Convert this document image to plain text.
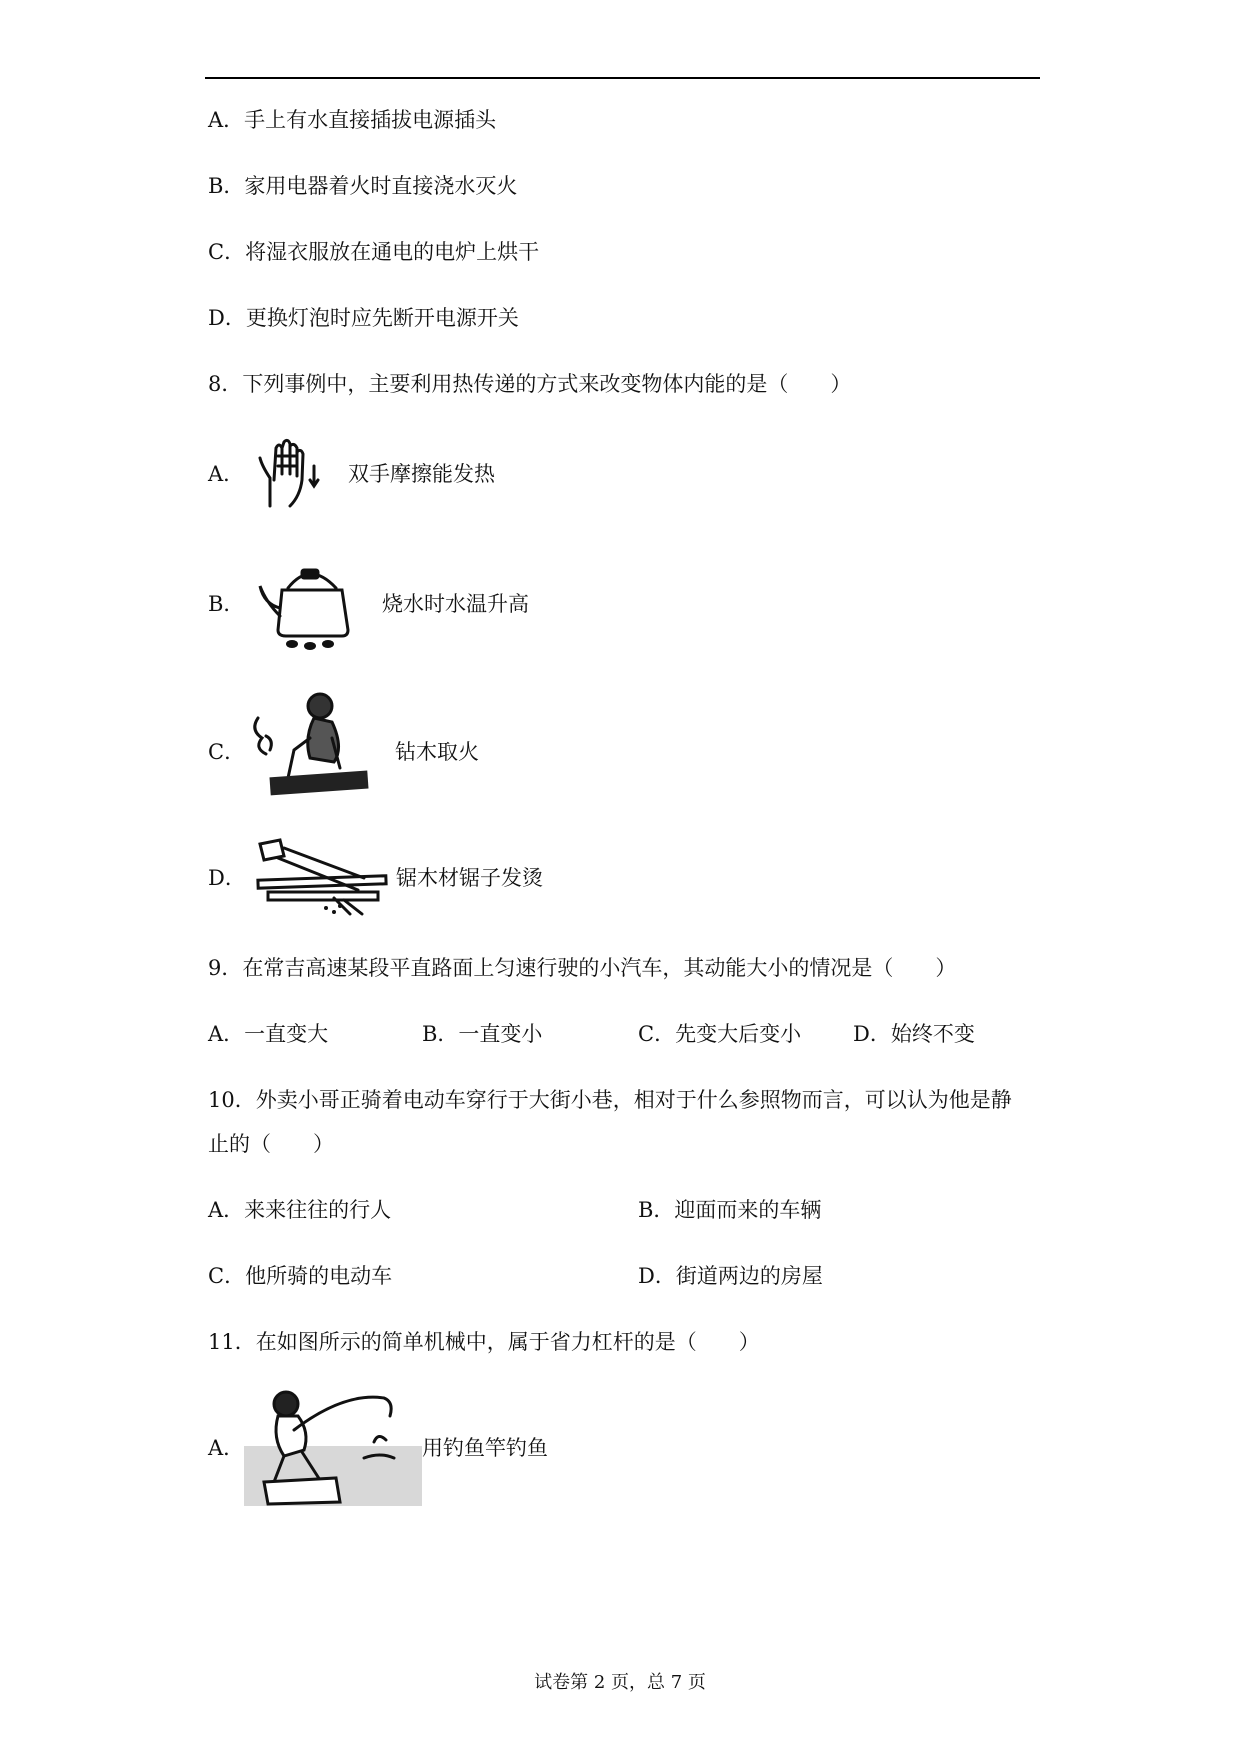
A．手上有水直接插拔电源插头
B．家用电器着火时直接浇水灭火
C．将湿衣服放在通电的电炉上烘干
D．更换灯泡时应先断开电源开关
8．下列事例中，主要利用热传递的方式来改变物体内能的是（　　）
A．	双手摩擦能发热
B．	烧水时水温升高
C．	钻木取火
D．	锯木材锯子发烫
9．在常吉高速某段平直路面上匀速行驶的小汽车，其动能大小的情况是（　　）
A．一直变大	B．一直变小	C．先变大后变小 D．始终不变
10．外卖小哥正骑着电动车穿行于大街小巷，相对于什么参照物而言，可以认为他是静
止的（　　）
A．来来往往的行人	B．迎面而来的车辆
C．他所骑的电动车	D．街道两边的房屋
11．在如图所示的简单机械中，属于省力杠杆的是（　　）
A．	用钓鱼竿钓鱼
试卷第 2 页，总 7 页
